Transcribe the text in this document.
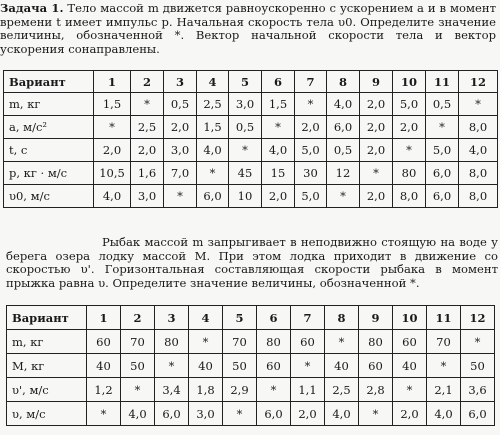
Задача 1. Тело массой m движется равноускоренно с ускорением a и в момент времени t имеет импульс p. Начальная скорость тела υ0. Определите значение величины, обозначенной *. Вектор начальной скорости тела и вектор ускорения сонаправлены.

Вариант	1	2	3	4	5	6	7	8	9	10	11	12
m, кг	1,5	*	0,5	2,5	3,0	1,5	*	4,0	2,0	5,0	0,5	*
a, м/с²	*	2,5	2,0	1,5	0,5	*	2,0	6,0	2,0	2,0	*	8,0
t, с	2,0	2,0	3,0	4,0	*	4,0	5,0	0,5	2,0	*	5,0	4,0
p, кг · м/с	10,5	1,6	7,0	*	45	15	30	12	*	80	6,0	8,0
υ0, м/с	4,0	3,0	*	6,0	10	2,0	5,0	*	2,0	8,0	6,0	8,0

Рыбак массой m запрыгивает в неподвижно стоящую на воде у берега озера лодку массой M. При этом лодка приходит в движение со скоростью υ'. Горизонтальная составляющая скорости рыбака в момент прыжка равна υ. Определите значение величины, обозначенной *.

Вариант	1	2	3	4	5	6	7	8	9	10	11	12
m, кг	60	70	80	*	70	80	60	*	80	60	70	*
M, кг	40	50	*	40	50	60	*	40	60	40	*	50
υ', м/с	1,2	*	3,4	1,8	2,9	*	1,1	2,5	2,8	*	2,1	3,6
υ, м/с	*	4,0	6,0	3,0	*	6,0	2,0	4,0	*	2,0	4,0	6,0
